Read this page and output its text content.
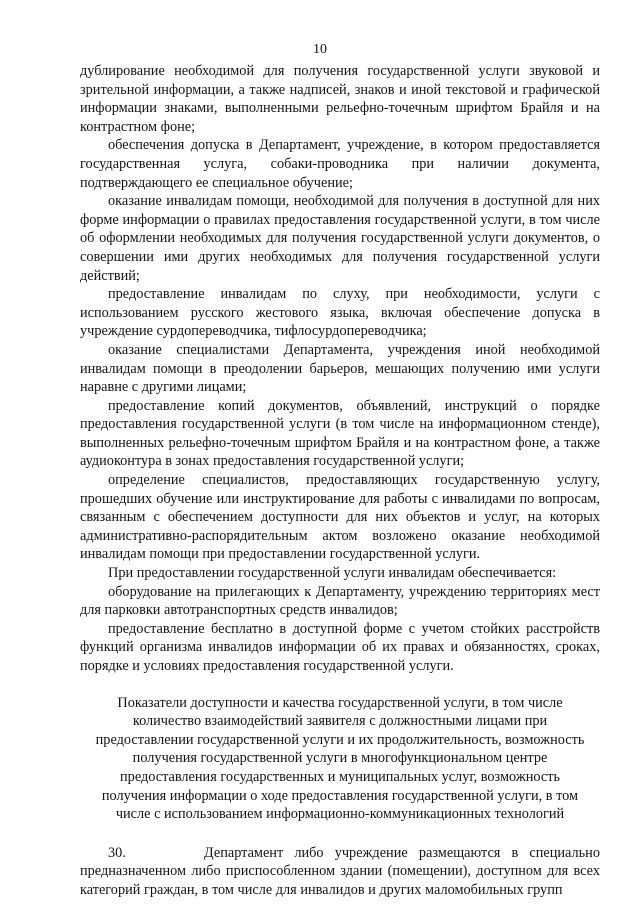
10

дублирование необходимой для получения государственной услуги звуковой и зрительной информации, а также надписей, знаков и иной текстовой и графической информации знаками, выполненными рельефно-точечным шрифтом Брайля и на контрастном фоне;

обеспечения допуска в Департамент, учреждение, в котором предоставляется государственная услуга, собаки-проводника при наличии документа, подтверждающего ее специальное обучение;

оказание инвалидам помощи, необходимой для получения в доступной для них форме информации о правилах предоставления государственной услуги, в том числе об оформлении необходимых для получения государственной услуги документов, о совершении ими других необходимых для получения государственной услуги действий;

предоставление инвалидам по слуху, при необходимости, услуги с использованием русского жестового языка, включая обеспечение допуска в учреждение сурдопереводчика, тифлосурдопереводчика;

оказание специалистами Департамента, учреждения иной необходимой инвалидам помощи в преодолении барьеров, мешающих получению ими услуги наравне с другими лицами;

предоставление копий документов, объявлений, инструкций о порядке предоставления государственной услуги (в том числе на информационном стенде), выполненных рельефно-точечным шрифтом Брайля и на контрастном фоне, а также аудиоконтура в зонах предоставления государственной услуги;

определение специалистов, предоставляющих государственную услугу, прошедших обучение или инструктирование для работы с инвалидами по вопросам, связанным с обеспечением доступности для них объектов и услуг, на которых административно-распорядительным актом возложено оказание необходимой инвалидам помощи при предоставлении государственной услуги.

При предоставлении государственной услуги инвалидам обеспечивается:

оборудование на прилегающих к Департаменту, учреждению территориях мест для парковки автотранспортных средств инвалидов;

предоставление бесплатно в доступной форме с учетом стойких расстройств функций организма инвалидов информации об их правах и обязанностях, сроках, порядке и условиях предоставления государственной услуги.

Показатели доступности и качества государственной услуги, в том числе
количество взаимодействий заявителя с должностными лицами при
предоставлении государственной услуги и их продолжительность, возможность
получения государственной услуги в многофункциональном центре
предоставления государственных и муниципальных услуг, возможность
получения информации о ходе предоставления государственной услуги, в том
числе с использованием информационно-коммуникационных технологий

30.	Департамент либо учреждение размещаются в специально предназначенном либо приспособленном здании (помещении), доступном для всех категорий граждан, в том числе для инвалидов и других маломобильных групп
